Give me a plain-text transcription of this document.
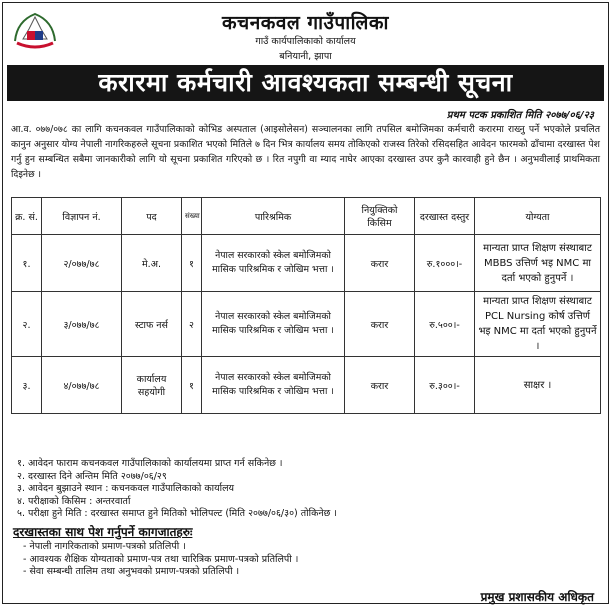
कचनकवल गाउँपालिका
गाउँ कार्यपालिकाको कार्यालय
बनियानी, झापा
करारमा कर्मचारी आवश्यकता सम्बन्धी सूचना
प्रथम पटक प्रकाशित मिति २०७७/०६/२३
आ.व. ०७७/०७८ का लागि कचनकवल गाउँपालिकाको कोभिड अस्पताल (आइसोलेसन) सञ्चालनका लागि तपसिल बमोजिमका कर्मचारी करारमा राख्नु पर्ने भएकोले प्रचलित कानुन अनुसार योग्य नेपाली नागरिकहरुले सूचना प्रकाशित भएको मितिले ७ दिन भित्र कार्यालय समय तोकिएको राजस्व तिरेको रसिदसहित आवेदन फारमको ढाँचामा दरखास्त पेश गर्नु हुन सम्बन्धित सबैमा जानकारीको लागि यो सूचना प्रकाशित गरिएको छ । रित नपुगी वा म्याद नाघेर आएका दरखास्त उपर कुनै कारवाही हुने छैन । अनुभवीलाई प्राथमिकता दिइनेछ ।
क्र. सं.	विज्ञापन नं.	पद	संख्या	पारिश्रमिक	नियुक्तिको किसिम	दरखास्त दस्तुर	योग्यता
१.	२/०७७/७८	मे.अ.	१	नेपाल सरकारको स्केल बमोजिमको मासिक पारिश्रमिक र जोखिम भत्ता ।	करार	रु.१०००।-	मान्यता प्राप्त शिक्षण संस्थाबाट MBBS उत्तिर्ण भइ NMC मा दर्ता भएको हुनुपर्ने ।
२.	३/०७७/७८	स्टाफ नर्स	२	नेपाल सरकारको स्केल बमोजिमको मासिक पारिश्रमिक र जोखिम भत्ता ।	करार	रु.५००।-	मान्यता प्राप्त शिक्षण संस्थाबाट PCL Nursing कोर्ष उत्तिर्ण भइ NMC मा दर्ता भएको हुनुपर्ने ।
३.	४/०७७/७८	कार्यालय सहयोगी	१	नेपाल सरकारको स्केल बमोजिमको मासिक पारिश्रमिक र जोखिम भत्ता ।	करार	रु.३००।-	साक्षर ।
१. आवेदन फाराम कचनकवल गाउँपालिकाको कार्यालयमा प्राप्त गर्न सकिनेछ ।
२. दरखास्त दिने अन्तिम मिति २०७७/०६/२९
३. आवेदन बुझाउने स्थान : कचनकवल गाउँपालिकाको कार्यालय
४. परीक्षाको किसिम : अन्तरवार्ता
५. परीक्षा हुने मिति : दरखास्त समाप्त हुने मितिको भोलिपल्ट (मिति २०७७/०६/३०) तोकिनेछ ।
दरखास्तका साथ पेश गर्नुपर्ने कागजातहरुः
- नेपाली नागरिकताको प्रमाण-पत्रको प्रतिलिपी ।
- आवश्यक शैक्षिक योग्यताको प्रमाण-पत्र तथा चारित्रिक प्रमाण-पत्रको प्रतिलिपी ।
- सेवा सम्बन्धी तालिम तथा अनुभवको प्रमाण-पत्रको प्रतिलिपी ।
प्रमुख प्रशासकीय अधिकृत
